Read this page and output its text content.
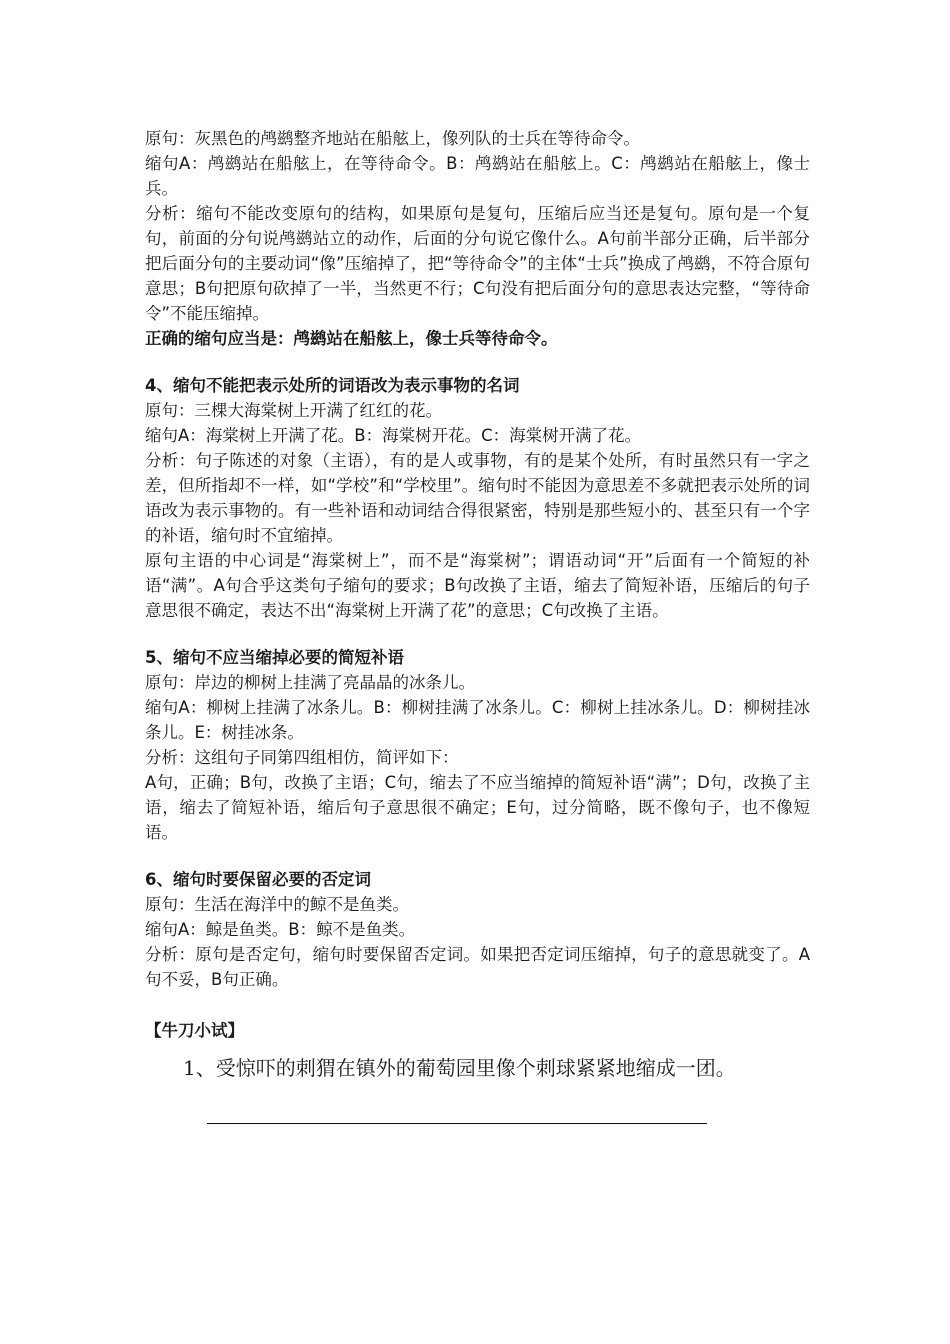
原句：灰黑色的鸬鹚整齐地站在船舷上，像列队的士兵在等待命令。

缩句A：鸬鹚站在船舷上，在等待命令。B：鸬鹚站在船舷上。C：鸬鹚站在船舷上，像士兵。

分析：缩句不能改变原句的结构，如果原句是复句，压缩后应当还是复句。原句是一个复句，前面的分句说鸬鹚站立的动作，后面的分句说它像什么。A句前半部分正确，后半部分把后面分句的主要动词“像”压缩掉了，把“等待命令”的主体“士兵”换成了鸬鹚，不符合原句意思；B句把原句砍掉了一半，当然更不行；C句没有把后面分句的意思表达完整，“等待命令”不能压缩掉。

正确的缩句应当是：鸬鹚站在船舷上，像士兵等待命令。

4、缩句不能把表示处所的词语改为表示事物的名词

原句：三棵大海棠树上开满了红红的花。

缩句A：海棠树上开满了花。B：海棠树开花。C：海棠树开满了花。

分析：句子陈述的对象（主语），有的是人或事物，有的是某个处所，有时虽然只有一字之差，但所指却不一样，如“学校”和“学校里”。缩句时不能因为意思差不多就把表示处所的词语改为表示事物的。有一些补语和动词结合得很紧密，特别是那些短小的、甚至只有一个字的补语，缩句时不宜缩掉。

原句主语的中心词是“海棠树上”，而不是“海棠树”；谓语动词“开”后面有一个简短的补语“满”。A句合乎这类句子缩句的要求；B句改换了主语，缩去了简短补语，压缩后的句子意思很不确定，表达不出“海棠树上开满了花”的意思；C句改换了主语。

5、缩句不应当缩掉必要的简短补语

原句：岸边的柳树上挂满了亮晶晶的冰条儿。

缩句A：柳树上挂满了冰条儿。B：柳树挂满了冰条儿。C：柳树上挂冰条儿。D：柳树挂冰条儿。E：树挂冰条。

分析：这组句子同第四组相仿，简评如下：

A句，正确；B句，改换了主语；C句，缩去了不应当缩掉的简短补语“满”；D句，改换了主语，缩去了简短补语，缩后句子意思很不确定；E句，过分简略，既不像句子，也不像短语。

6、缩句时要保留必要的否定词

原句：生活在海洋中的鲸不是鱼类。

缩句A：鲸是鱼类。B：鲸不是鱼类。

分析：原句是否定句，缩句时要保留否定词。如果把否定词压缩掉，句子的意思就变了。A句不妥，B句正确。

【牛刀小试】

1、受惊吓的刺猬在镇外的葡萄园里像个刺球紧紧地缩成一团。
